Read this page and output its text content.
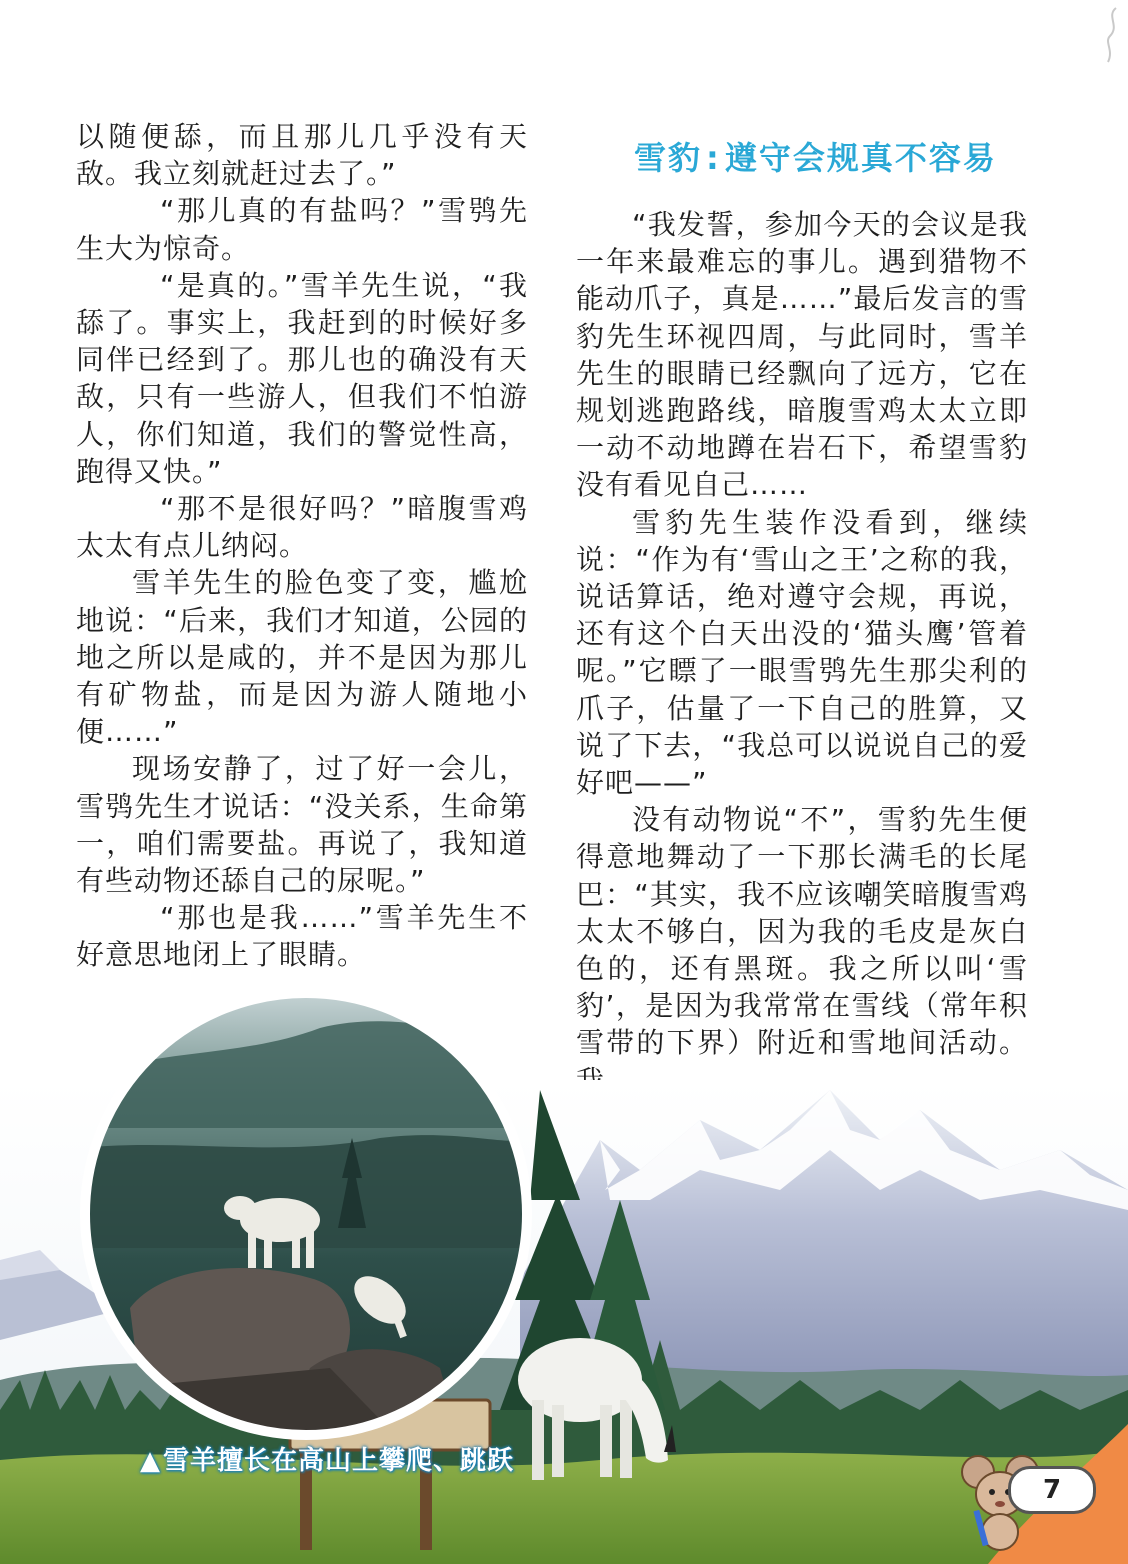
以随便舔，而且那儿几乎没有天敌。我立刻就赶过去了。”

“那儿真的有盐吗？”雪鸮先生大为惊奇。

“是真的。”雪羊先生说，“我舔了。事实上，我赶到的时候好多同伴已经到了。那儿也的确没有天敌，只有一些游人，但我们不怕游人，你们知道，我们的警觉性高，跑得又快。”

“那不是很好吗？”暗腹雪鸡太太有点儿纳闷。

雪羊先生的脸色变了变，尴尬地说：“后来，我们才知道，公园的地之所以是咸的，并不是因为那儿有矿物盐，而是因为游人随地小便……”

现场安静了，过了好一会儿，雪鸮先生才说话：“没关系，生命第一，咱们需要盐。再说了，我知道有些动物还舔自己的尿呢。”

“那也是我……”雪羊先生不好意思地闭上了眼睛。

雪豹 : 遵守会规真不容易

“我发誓，参加今天的会议是我一年来最难忘的事儿。遇到猎物不能动爪子，真是……”最后发言的雪豹先生环视四周，与此同时，雪羊先生的眼睛已经飘向了远方，它在规划逃跑路线，暗腹雪鸡太太立即一动不动地蹲在岩石下，希望雪豹没有看见自己……

雪豹先生装作没看到，继续说：“作为有‘雪山之王’之称的我，说话算话，绝对遵守会规，再说，还有这个白天出没的‘猫头鹰’管着呢。”它瞟了一眼雪鸮先生那尖利的爪子，估量了一下自己的胜算，又说了下去，“我总可以说说自己的爱好吧——”

没有动物说“不”，雪豹先生便得意地舞动了一下那长满毛的长尾巴：“其实，我不应该嘲笑暗腹雪鸡太太不够白，因为我的毛皮是灰白色的，还有黑斑。我之所以叫‘雪豹’，是因为我常常在雪线（常年积雪带的下界）附近和雪地间活动。

▲雪羊擅长在高山上攀爬、跳跃
7
